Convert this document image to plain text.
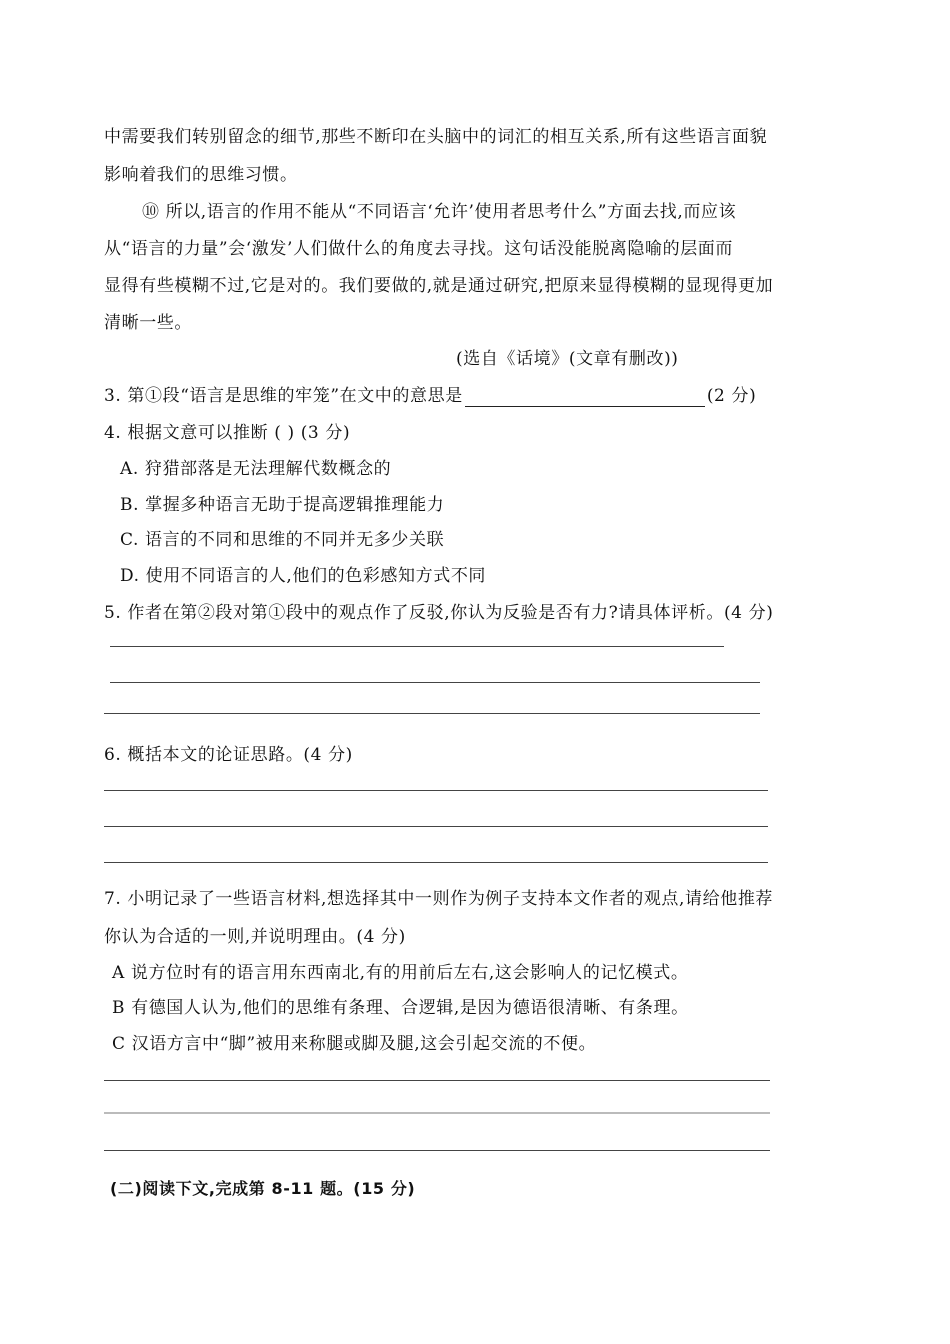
中需要我们转别留念的细节,那些不断印在头脑中的词汇的相互关系,所有这些语言面貌
影响着我们的思维习惯。
⑩ 所以,语言的作用不能从“不同语言‘允许’使用者思考什么”方面去找,而应该
从“语言的力量”会‘激发’人们做什么的角度去寻找。这句话没能脱离隐喻的层面而
显得有些模糊不过,它是对的。我们要做的,就是通过研究,把原来显得模糊的显现得更加
清晰一些。
(选自《话境》(文章有删改))
3. 第①段“语言是思维的牢笼”在文中的意思是	(2 分)
4. 根据文意可以推断 ( ) (3 分)
A. 狩猎部落是无法理解代数概念的
B. 掌握多种语言无助于提高逻辑推理能力
C. 语言的不同和思维的不同并无多少关联
D. 使用不同语言的人,他们的色彩感知方式不同
5. 作者在第②段对第①段中的观点作了反驳,你认为反验是否有力?请具体评析。(4 分)
6. 概括本文的论证思路。(4 分)
7. 小明记录了一些语言材料,想选择其中一则作为例子支持本文作者的观点,请给他推荐
你认为合适的一则,并说明理由。(4 分)
A 说方位时有的语言用东西南北,有的用前后左右,这会影响人的记忆模式。
B 有德国人认为,他们的思维有条理、合逻辑,是因为德语很清晰、有条理。
C 汉语方言中“脚”被用来称腿或脚及腿,这会引起交流的不便。
(二)阅读下文,完成第 8-11 题。(15 分)
